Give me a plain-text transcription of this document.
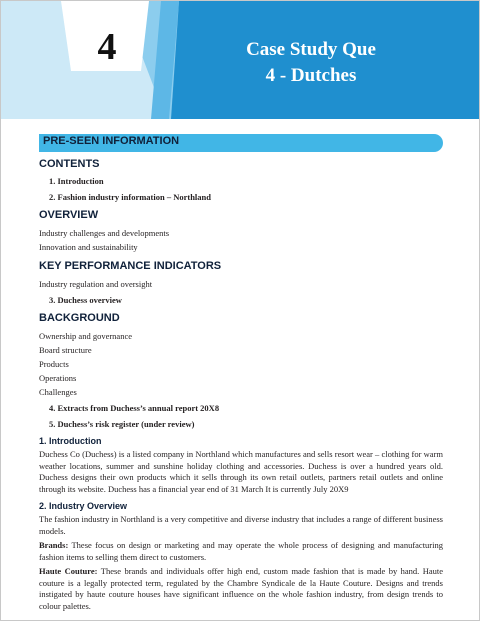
4	Case Study Que
4 - Dutches
PRE-SEEN INFORMATION
CONTENTS
1. Introduction
2. Fashion industry information – Northland
OVERVIEW
Industry challenges and developments
Innovation and sustainability
KEY PERFORMANCE INDICATORS
Industry regulation and oversight
3. Duchess overview
BACKGROUND
Ownership and governance
Board structure
Products
Operations
Challenges
4. Extracts from Duchess’s annual report 20X8
5. Duchess’s risk register (under review)
1. Introduction
Duchess Co (Duchess) is a listed company in Northland which manufactures and sells resort wear – clothing for warm weather locations, summer and sunshine holiday clothing and accessories. Duchess is over a hundred years old. Duchess designs their own products which it sells through its own retail outlets, partners retail outlets and online through its website. Duchess has a financial year end of 31 March It is currently July 20X9
2. Industry Overview
The fashion industry in Northland is a very competitive and diverse industry that includes a range of different business models.
Brands: These focus on design or marketing and may operate the whole process of designing and manufacturing fashion items to selling them direct to customers.
Haute Couture: These brands and individuals offer high end, custom made fashion that is made by hand. Haute couture is a legally protected term, regulated by the Chambre Syndicale de la Haute Couture. Designs and trends instigated by haute couture houses have significant influence on the whole fashion industry, from design trends to colour palettes.
